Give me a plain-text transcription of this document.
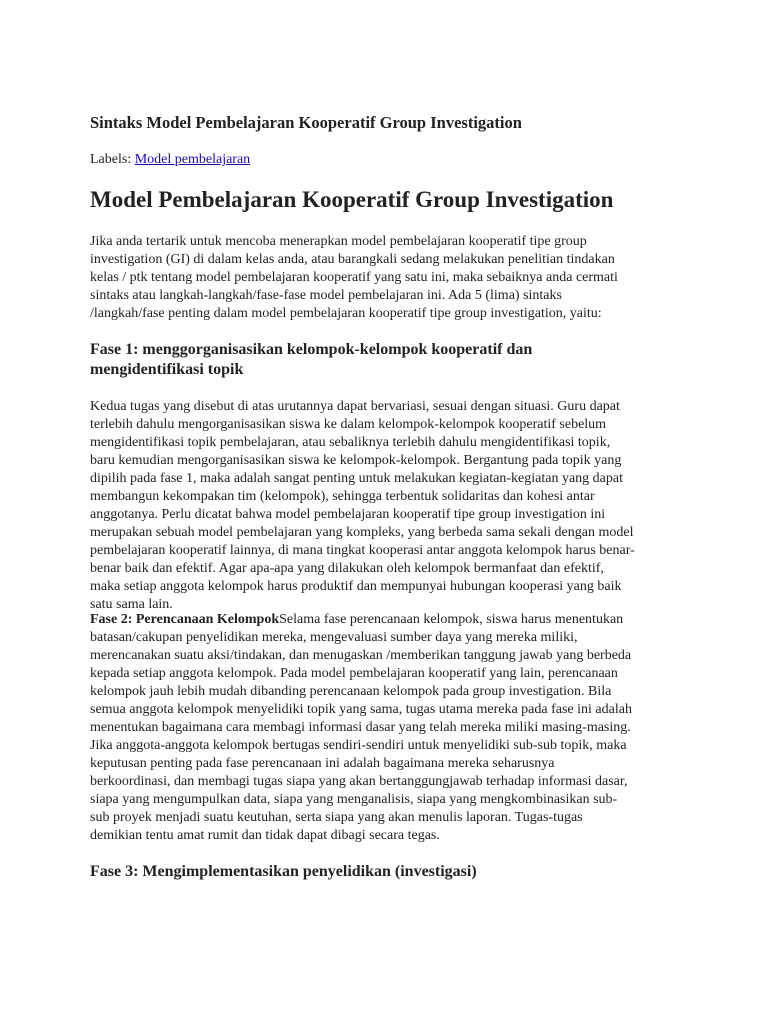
Sintaks Model Pembelajaran Kooperatif Group Investigation
Labels: Model pembelajaran
Model Pembelajaran Kooperatif Group Investigation
Jika anda tertarik untuk mencoba menerapkan model pembelajaran kooperatif tipe group
investigation (GI) di dalam kelas anda, atau barangkali sedang melakukan penelitian tindakan
kelas / ptk tentang model pembelajaran kooperatif yang satu ini, maka sebaiknya anda cermati
sintaks atau langkah-langkah/fase-fase model pembelajaran ini. Ada 5 (lima) sintaks
/langkah/fase penting dalam model pembelajaran kooperatif tipe group investigation, yaitu:
Fase 1: menggorganisasikan kelompok-kelompok kooperatif dan
mengidentifikasi topik
Kedua tugas yang disebut di atas urutannya dapat bervariasi, sesuai dengan situasi. Guru dapat
terlebih dahulu mengorganisasikan siswa ke dalam kelompok-kelompok kooperatif sebelum
mengidentifikasi topik pembelajaran, atau sebaliknya terlebih dahulu mengidentifikasi topik,
baru kemudian mengorganisasikan siswa ke kelompok-kelompok. Bergantung pada topik yang
dipilih pada fase 1, maka adalah sangat penting untuk melakukan kegiatan-kegiatan yang dapat
membangun kekompakan tim (kelompok), sehingga terbentuk solidaritas dan kohesi antar
anggotanya. Perlu dicatat bahwa model pembelajaran kooperatif tipe group investigation ini
merupakan sebuah model pembelajaran yang kompleks, yang berbeda sama sekali dengan model
pembelajaran kooperatif lainnya, di mana tingkat kooperasi antar anggota kelompok harus benar-
benar baik dan efektif. Agar apa-apa yang dilakukan oleh kelompok bermanfaat dan efektif,
maka setiap anggota kelompok harus produktif dan mempunyai hubungan kooperasi yang baik
satu sama lain.
Fase 2: Perencanaan KelompokSelama fase perencanaan kelompok, siswa harus menentukan
batasan/cakupan penyelidikan mereka, mengevaluasi sumber daya yang mereka miliki,
merencanakan suatu aksi/tindakan, dan menugaskan /memberikan tanggung jawab yang berbeda
kepada setiap anggota kelompok. Pada model pembelajaran kooperatif yang lain, perencanaan
kelompok jauh lebih mudah dibanding perencanaan kelompok pada group investigation. Bila
semua anggota kelompok menyelidiki topik yang sama, tugas utama mereka pada fase ini adalah
menentukan bagaimana cara membagi informasi dasar yang telah mereka miliki masing-masing.
Jika anggota-anggota kelompok bertugas sendiri-sendiri untuk menyelidiki sub-sub topik, maka
keputusan penting pada fase perencanaan ini adalah bagaimana mereka seharusnya
berkoordinasi, dan membagi tugas siapa yang akan bertanggungjawab terhadap informasi dasar,
siapa yang mengumpulkan data, siapa yang menganalisis, siapa yang mengkombinasikan sub-
sub proyek menjadi suatu keutuhan, serta siapa yang akan menulis laporan. Tugas-tugas
demikian tentu amat rumit dan tidak dapat dibagi secara tegas.
Fase 3: Mengimplementasikan penyelidikan (investigasi)
